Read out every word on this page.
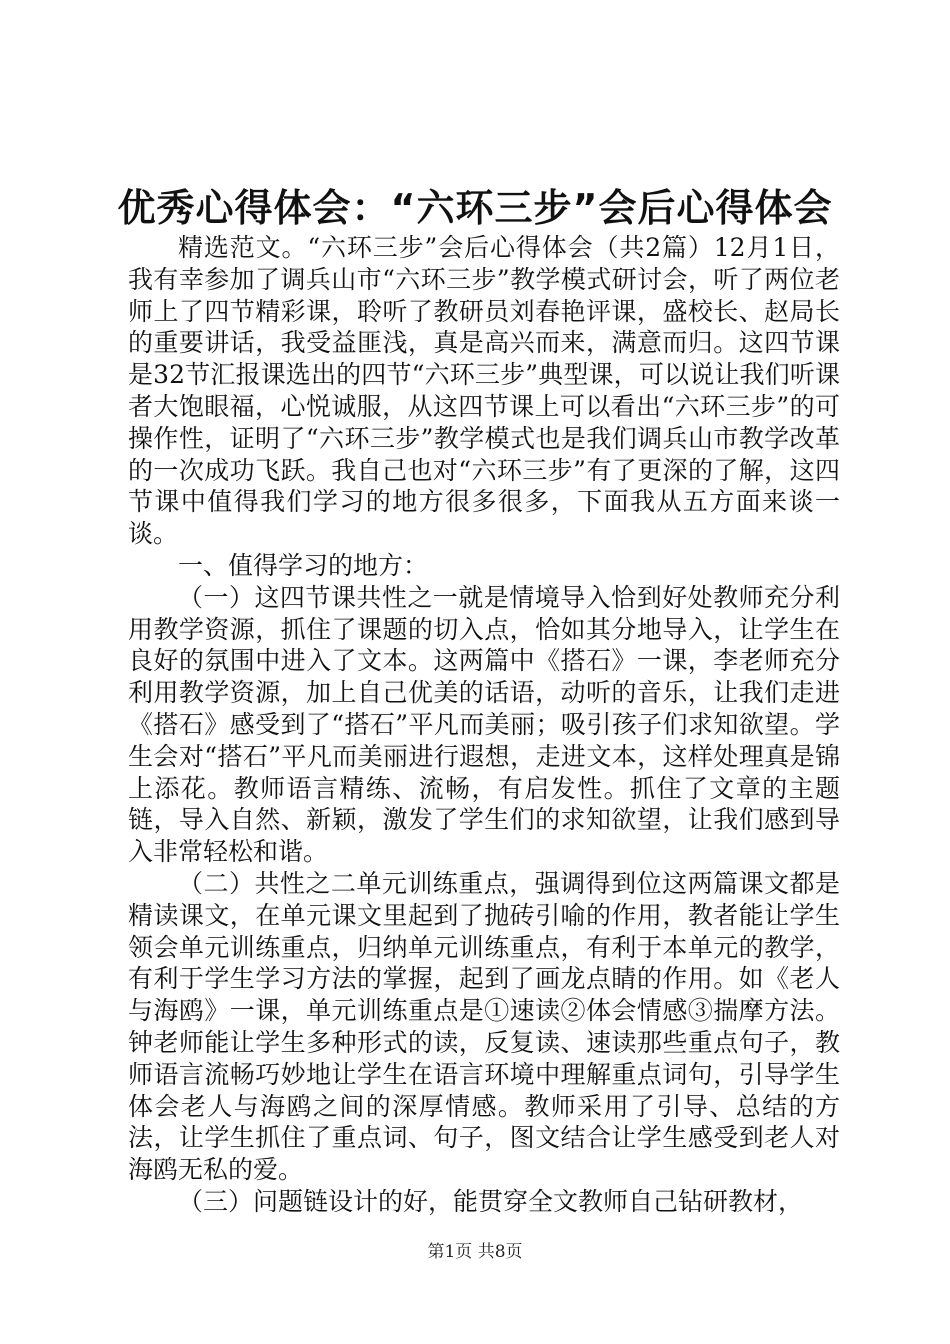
优秀心得体会：“六环三步”会后心得体会

精选范文。“六环三步”会后心得体会（共2篇）12月1日，我有幸参加了调兵山市“六环三步”教学模式研讨会，听了两位老师上了四节精彩课，聆听了教研员刘春艳评课，盛校长、赵局长的重要讲话，我受益匪浅，真是高兴而来，满意而归。这四节课是32节汇报课选出的四节“六环三步”典型课，可以说让我们听课者大饱眼福，心悦诚服，从这四节课上可以看出“六环三步”的可操作性，证明了“六环三步”教学模式也是我们调兵山市教学改革的一次成功飞跃。我自己也对“六环三步”有了更深的了解，这四节课中值得我们学习的地方很多很多，下面我从五方面来谈一谈。

一、值得学习的地方：

（一）这四节课共性之一就是情境导入恰到好处教师充分利用教学资源，抓住了课题的切入点，恰如其分地导入，让学生在良好的氛围中进入了文本。这两篇中《搭石》一课，李老师充分利用教学资源，加上自己优美的话语，动听的音乐，让我们走进《搭石》感受到了“搭石”平凡而美丽；吸引孩子们求知欲望。学生会对“搭石”平凡而美丽进行遐想，走进文本，这样处理真是锦上添花。教师语言精练、流畅，有启发性。抓住了文章的主题链，导入自然、新颖，激发了学生们的求知欲望，让我们感到导入非常轻松和谐。

（二）共性之二单元训练重点，强调得到位这两篇课文都是精读课文，在单元课文里起到了抛砖引喻的作用，教者能让学生领会单元训练重点，归纳单元训练重点，有利于本单元的教学，有利于学生学习方法的掌握，起到了画龙点睛的作用。如《老人与海鸥》一课，单元训练重点是①速读②体会情感③揣摩方法。钟老师能让学生多种形式的读，反复读、速读那些重点句子，教师语言流畅巧妙地让学生在语言环境中理解重点词句，引导学生体会老人与海鸥之间的深厚情感。教师采用了引导、总结的方法，让学生抓住了重点词、句子，图文结合让学生感受到老人对海鸥无私的爱。

（三）问题链设计的好，能贯穿全文教师自己钻研教材，

第1页 共8页
